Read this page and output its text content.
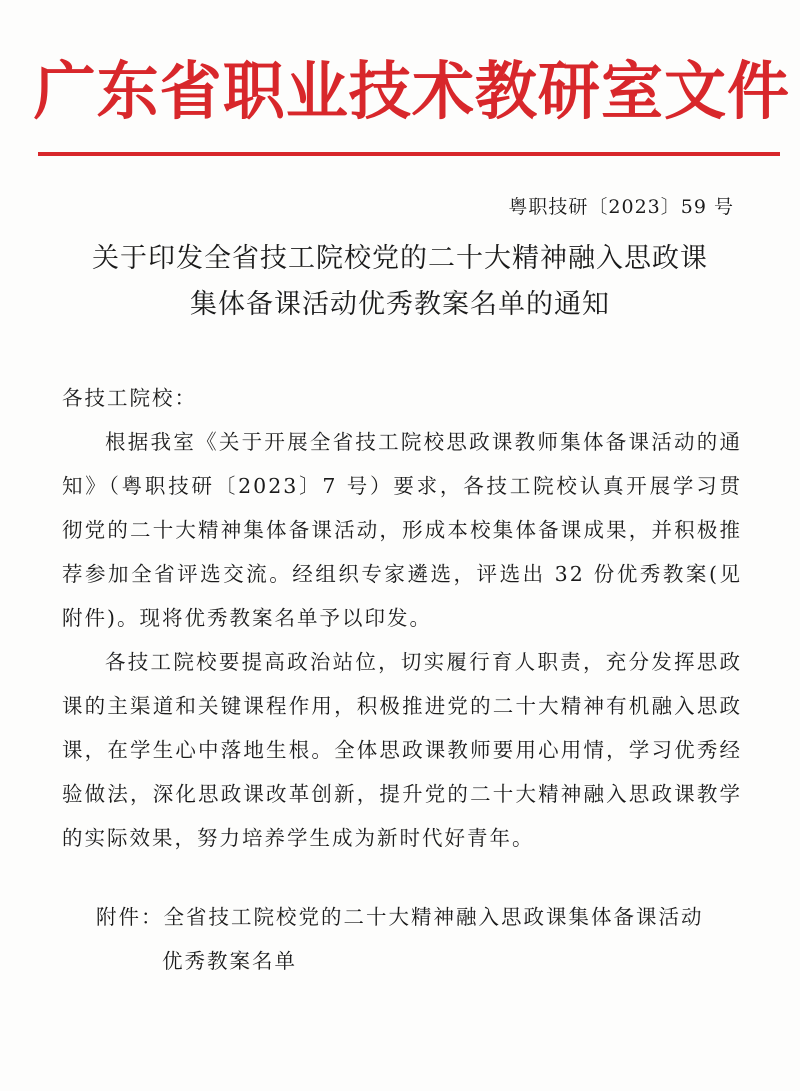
广东省职业技术教研室文件
粤职技研〔2023〕59 号
关于印发全省技工院校党的二十大精神融入思政课
集体备课活动优秀教案名单的通知
各技工院校：

根据我室《关于开展全省技工院校思政课教师集体备课活动的通知》（粤职技研〔2023〕7 号）要求，各技工院校认真开展学习贯彻党的二十大精神集体备课活动，形成本校集体备课成果，并积极推荐参加全省评选交流。经组织专家遴选，评选出 32 份优秀教案(见附件)。现将优秀教案名单予以印发。

各技工院校要提高政治站位，切实履行育人职责，充分发挥思政课的主渠道和关键课程作用，积极推进党的二十大精神有机融入思政课，在学生心中落地生根。全体思政课教师要用心用情，学习优秀经验做法，深化思政课改革创新，提升党的二十大精神融入思政课教学的实际效果，努力培养学生成为新时代好青年。

附件：全省技工院校党的二十大精神融入思政课集体备课活动
优秀教案名单
